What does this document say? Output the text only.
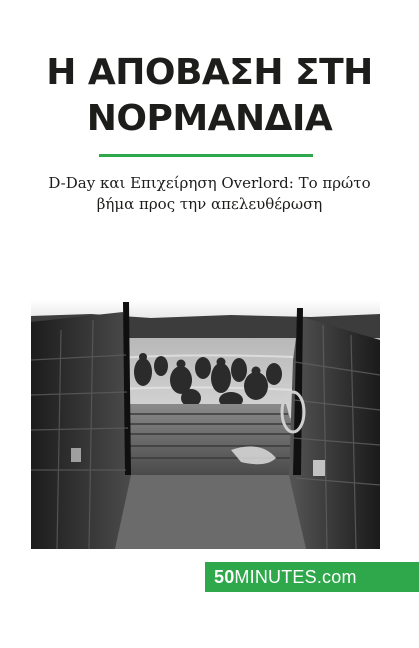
Η ΑΠΟΒΑΣΗ ΣΤΗ
ΝΟΡΜΑΝΔΙΑ

D-Day και Επιχείρηση Overlord: Το πρώτο
βήμα προς την απελευθέρωση

50MINUTES.com
